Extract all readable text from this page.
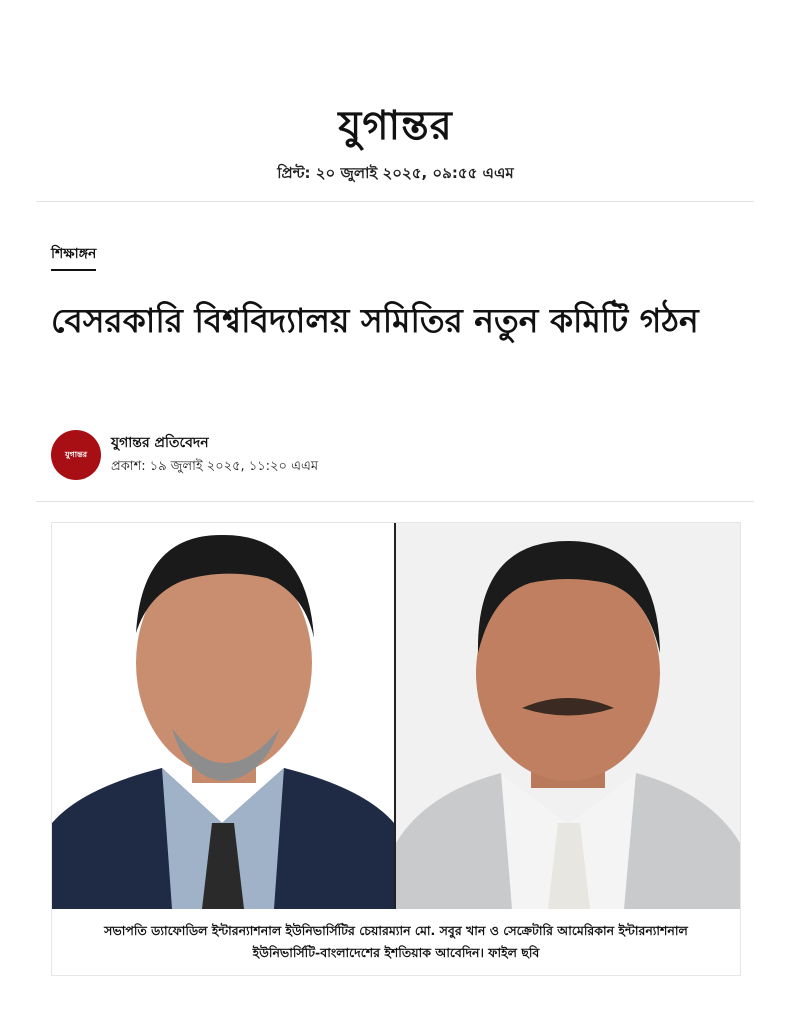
যুগান্তর
প্রিন্ট: ২০ জুলাই ২০২৫, ০৯:৫৫ এএম
শিক্ষাঙ্গন
বেসরকারি বিশ্ববিদ্যালয় সমিতির নতুন কমিটি গঠন
যুগান্তর
যুগান্তর প্রতিবেদন
প্রকাশ: ১৯ জুলাই ২০২৫, ১১:২০ এএম
সভাপতি ড্যাফোডিল ইন্টারন্যাশনাল ইউনিভার্সিটির চেয়ারম্যান মো. সবুর খান ও সেক্রেটারি আমেরিকান ইন্টারন্যাশনাল ইউনিভার্সিটি-বাংলাদেশের ইশতিয়াক আবেদিন। ফাইল ছবি
